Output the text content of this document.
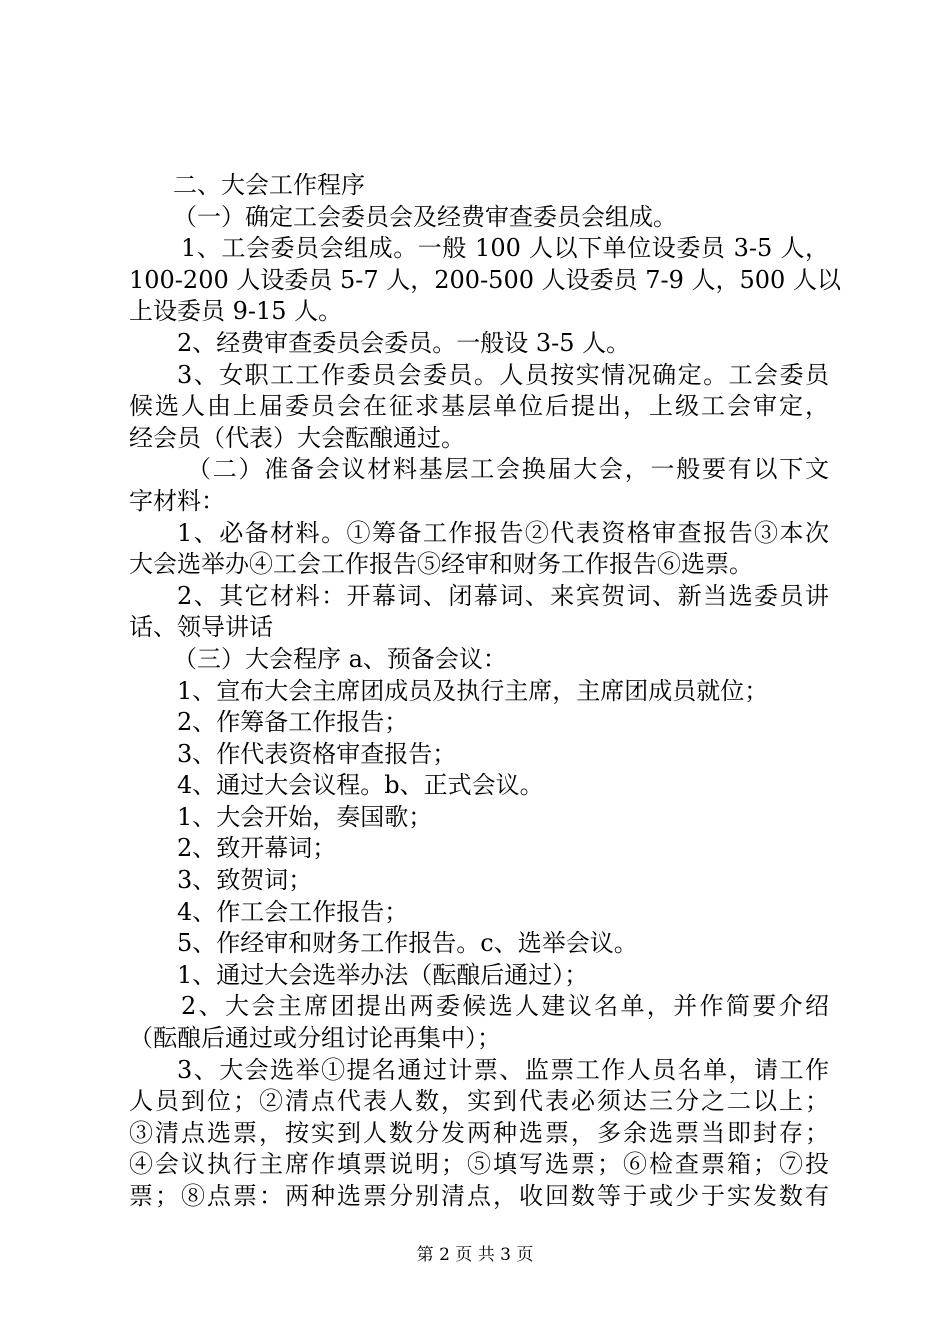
二、大会工作程序
（一）确定工会委员会及经费审查委员会组成。
1、工会委员会组成。一般 100 人以下单位设委员 3-5 人，
100-200 人设委员 5-7 人，200-500 人设委员 7-9 人，500 人以
上设委员 9-15 人。
2、经费审查委员会委员。一般设 3-5 人。
3、女职工工作委员会委员。人员按实情况确定。工会委员
候选人由上届委员会在征求基层单位后提出，上级工会审定，
经会员（代表）大会酝酿通过。
（二）准备会议材料基层工会换届大会，一般要有以下文
字材料：
1、必备材料。①筹备工作报告②代表资格审查报告③本次
大会选举办④工会工作报告⑤经审和财务工作报告⑥选票。
2、其它材料：开幕词、闭幕词、来宾贺词、新当选委员讲
话、领导讲话
（三）大会程序 a、预备会议：
1、宣布大会主席团成员及执行主席，主席团成员就位；
2、作筹备工作报告；
3、作代表资格审查报告；
4、通过大会议程。b、正式会议。
1、大会开始，奏国歌；
2、致开幕词；
3、致贺词；
4、作工会工作报告；
5、作经审和财务工作报告。c、选举会议。
1、通过大会选举办法（酝酿后通过）；
2、大会主席团提出两委候选人建议名单，并作简要介绍
（酝酿后通过或分组讨论再集中）；
3、大会选举①提名通过计票、监票工作人员名单，请工作
人员到位；②清点代表人数，实到代表必须达三分之二以上；
③清点选票，按实到人数分发两种选票，多余选票当即封存；
④会议执行主席作填票说明；⑤填写选票；⑥检查票箱；⑦投
票；⑧点票：两种选票分别清点，收回数等于或少于实发数有
第 2 页 共 3 页
